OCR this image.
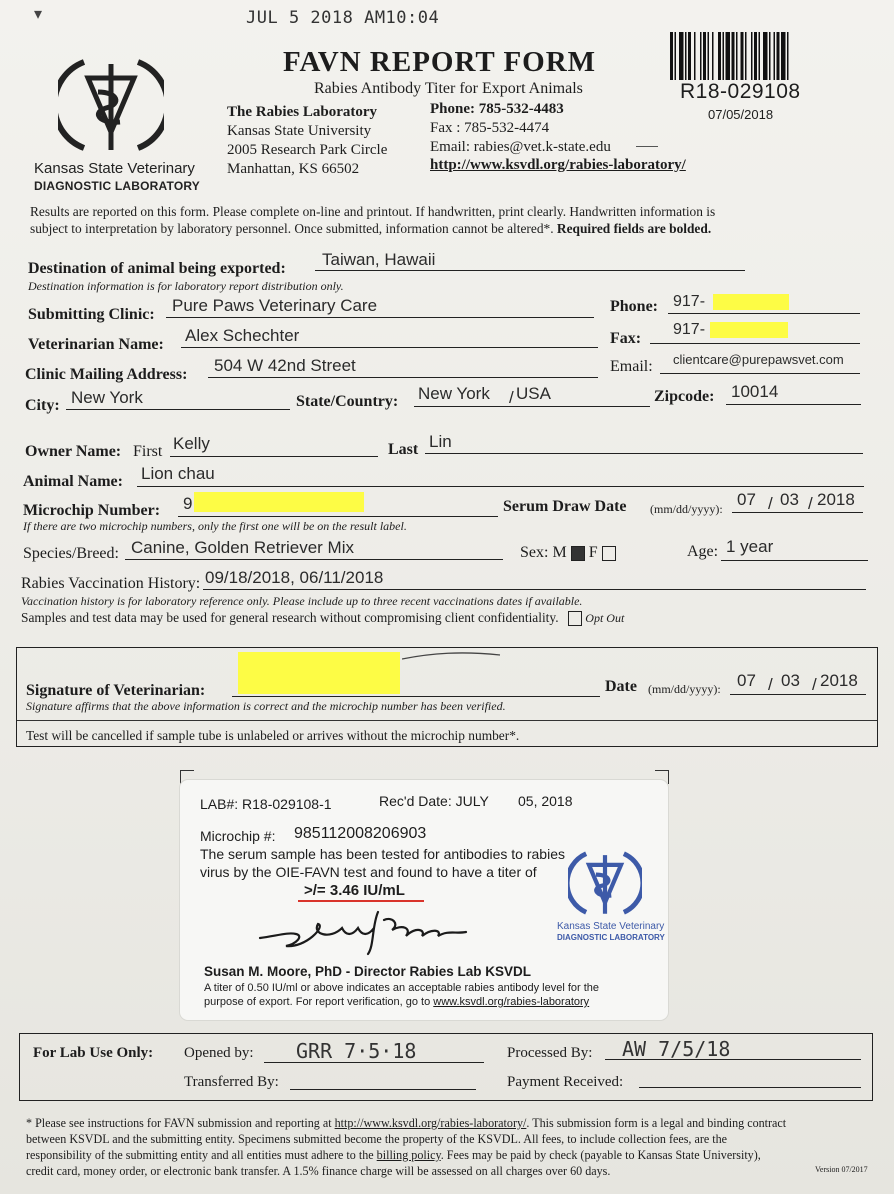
JUL 5 2018 AM10:04
▾
Kansas State Veterinary
DIAGNOSTIC LABORATORY
FAVN REPORT FORM
Rabies Antibody Titer for Export Animals
The Rabies Laboratory
Kansas State University
2005 Research Park Circle
Manhattan, KS 66502
Phone: 785-532-4483
Fax : 785-532-4474
Email: rabies@vet.k-state.edu
http://www.ksvdl.org/rabies-laboratory/
R18-029108
07/05/2018
Results are reported on this form. Please complete on-line and printout. If handwritten, print clearly. Handwritten information is
subject to interpretation by laboratory personnel. Once submitted, information cannot be altered*. Required fields are bolded.
Destination of animal being exported: Taiwan, Hawaii
Destination information is for laboratory report distribution only.
Submitting Clinic: Pure Paws Veterinary Care	Phone: 917-
Veterinarian Name: Alex Schechter	Fax:
917-
Clinic Mailing Address: 504 W 42nd Street	Email: clientcare@purepawsvet.com
City: New York	State/Country: New York / USA	Zipcode: 10014
Owner Name: First Kelly	Last Lin
Animal Name: Lion chau
Microchip Number: 9
If there are two microchip numbers, only the first one will be on the result label.
Serum Draw Date (mm/dd/yyyy): 07 / 03 / 2018
Species/Breed: Canine, Golden Retriever Mix	Sex: M F	Age: 1 year
Rabies Vaccination History: 09/18/2018, 06/11/2018
Vaccination history is for laboratory reference only. Please include up to three recent vaccinations dates if available.
Samples and test data may be used for general research without compromising client confidentiality. Opt Out
Signature of Veterinarian:	Date (mm/dd/yyyy): 07 / 03 / 2018
Signature affirms that the above information is correct and the microchip number has been verified.
Test will be cancelled if sample tube is unlabeled or arrives without the microchip number*.
LAB#: R18-029108-1	Rec'd Date: JULY 05, 2018
Microchip #: 985112008206903
The serum sample has been tested for antibodies to rabies
virus by the OIE-FAVN test and found to have a titer of
>/= 3.46 IU/mL
Kansas State Veterinary
DIAGNOSTIC LABORATORY
Susan M. Moore, PhD - Director Rabies Lab KSVDL
A titer of 0.50 IU/ml or above indicates an acceptable rabies antibody level for the
purpose of export. For report verification, go to www.ksvdl.org/rabies-laboratory
For Lab Use Only: Opened by: GRR 7·5·18	Processed By: AW 7/5/18
Transferred By:	Payment Received:
* Please see instructions for FAVN submission and reporting at http://www.ksvdl.org/rabies-laboratory/. This submission form is a legal and binding contract
between KSVDL and the submitting entity. Specimens submitted become the property of the KSVDL. All fees, to include collection fees, are the
responsibility of the submitting entity and all entities must adhere to the billing policy. Fees may be paid by check (payable to Kansas State University),
credit card, money order, or electronic bank transfer. A 1.5% finance charge will be assessed on all charges over 60 days.	Version 07/2017
